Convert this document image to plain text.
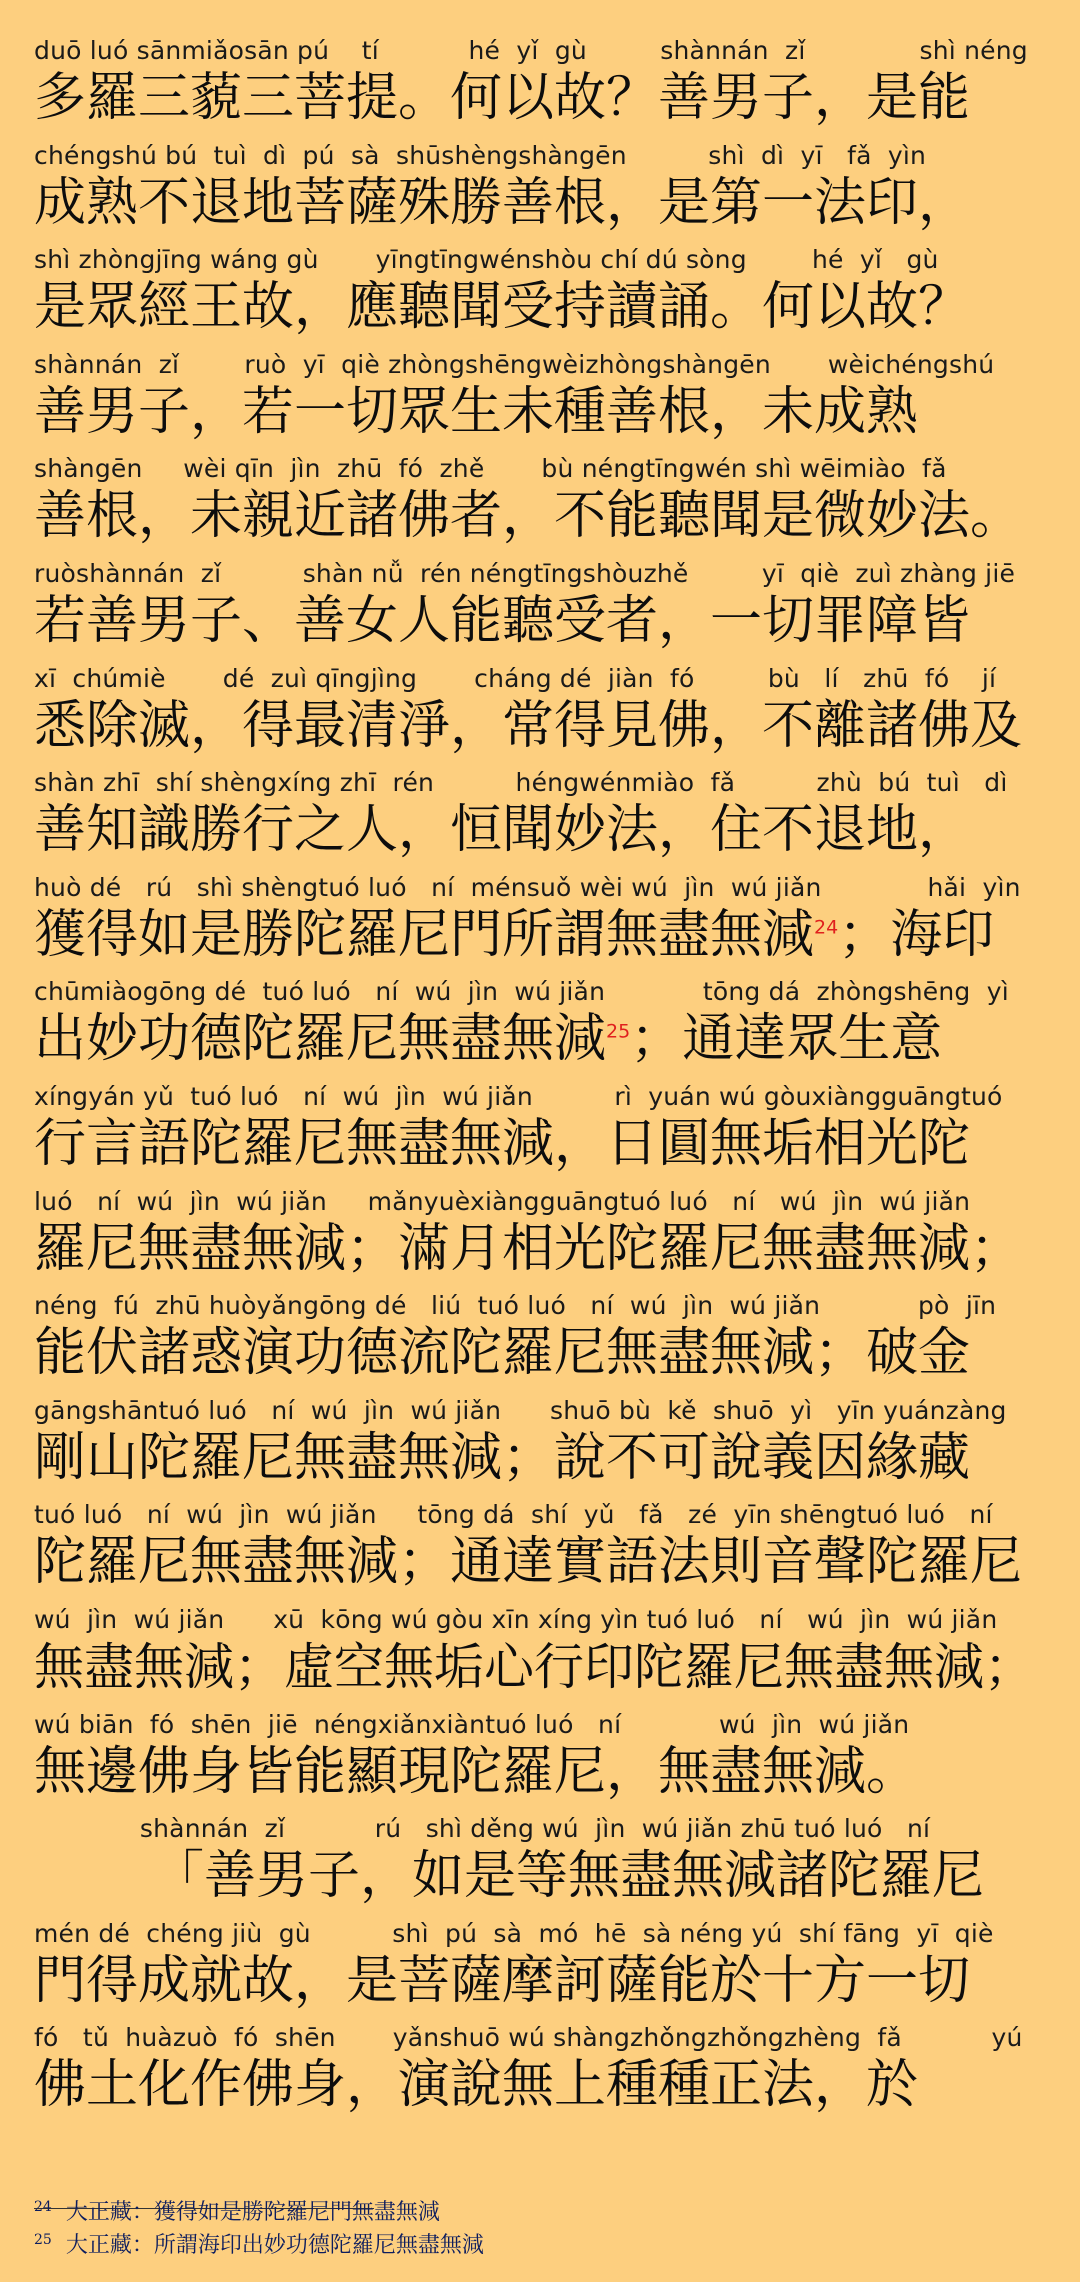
duō luó sānmiǎosān pú    tí           hé  yǐ  gù         shànnán  zǐ              shì néng
多羅三藐三菩提。何以故？善男子，是能
chéngshú bú  tuì  dì  pú  sà  shūshèngshàngēn          shì  dì  yī   fǎ  yìn
成熟不退地菩薩殊勝善根，是第一法印，
shì zhòngjīng wáng gù       yīngtīngwénshòu chí dú sòng        hé  yǐ   gù
是眾經王故，應聽聞受持讀誦。何以故？
shànnán  zǐ        ruò  yī  qiè zhòngshēngwèizhòngshàngēn       wèichéngshú
善男子，若一切眾生未種善根，未成熟
shàngēn     wèi qīn  jìn  zhū  fó  zhě       bù néngtīngwén shì wēimiào  fǎ
善根，未親近諸佛者，不能聽聞是微妙法。
ruòshànnán  zǐ          shàn nǚ  rén néngtīngshòuzhě         yī  qiè  zuì zhàng jiē
若善男子、善女人能聽受者，一切罪障皆
xī  chúmiè       dé  zuì qīngjìng       cháng dé  jiàn  fó         bù   lí   zhū  fó    jí
悉除滅，得最清淨，常得見佛，不離諸佛及
shàn zhī  shí shèngxíng zhī  rén          héngwénmiào  fǎ          zhù  bú  tuì   dì
善知識勝行之人，恒聞妙法，住不退地，
huò dé   rú   shì shèngtuó luó   ní  ménsuǒ wèi wú  jìn  wú jiǎn             hǎi  yìn
獲得如是勝陀羅尼門所謂無盡無減$^{24}$；海印
chūmiàogōng dé  tuó luó   ní  wú  jìn  wú jiǎn            tōng dá  zhòngshēng  yì
出妙功德陀羅尼無盡無減$^{25}$；通達眾生意
xíngyán yǔ  tuó luó   ní  wú  jìn  wú jiǎn          rì  yuán wú gòuxiàngguāngtuó
行言語陀羅尼無盡無減，日圓無垢相光陀
luó   ní  wú  jìn  wú jiǎn     mǎnyuèxiàngguāngtuó luó   ní   wú  jìn  wú jiǎn
羅尼無盡無減；滿月相光陀羅尼無盡無減；
néng  fú  zhū huòyǎngōng dé   liú  tuó luó   ní  wú  jìn  wú jiǎn            pò  jīn
能伏諸惑演功德流陀羅尼無盡無減；破金
gāngshāntuó luó   ní  wú  jìn  wú jiǎn      shuō bù  kě  shuō  yì   yīn yuánzàng
剛山陀羅尼無盡無減；說不可說義因緣藏
tuó luó   ní  wú  jìn  wú jiǎn     tōng dá  shí  yǔ   fǎ   zé  yīn shēngtuó luó   ní
陀羅尼無盡無減；通達實語法則音聲陀羅尼
wú  jìn  wú jiǎn      xū  kōng wú gòu xīn xíng yìn tuó luó   ní   wú  jìn  wú jiǎn
無盡無減；虛空無垢心行印陀羅尼無盡無減；
wú biān  fó  shēn  jiē  néngxiǎnxiàntuó luó   ní            wú  jìn  wú jiǎn
無邊佛身皆能顯現陀羅尼，無盡無減。
shànnán  zǐ           rú   shì děng wú  jìn  wú jiǎn zhū tuó luó   ní
「善男子，如是等無盡無減諸陀羅尼
mén dé  chéng jiù  gù          shì  pú  sà  mó  hē  sà néng yú  shí fāng  yī  qiè
門得成就故，是菩薩摩訶薩能於十方一切
fó   tǔ  huàzuò  fó  shēn       yǎnshuō wú shàngzhǒngzhǒngzhèng  fǎ           yú
佛土化作佛身，演說無上種種正法，於
$^{24}$ 大正藏：獲得如是勝陀羅尼門無盡無減
$^{25}$ 大正藏：所謂海印出妙功德陀羅尼無盡無減
